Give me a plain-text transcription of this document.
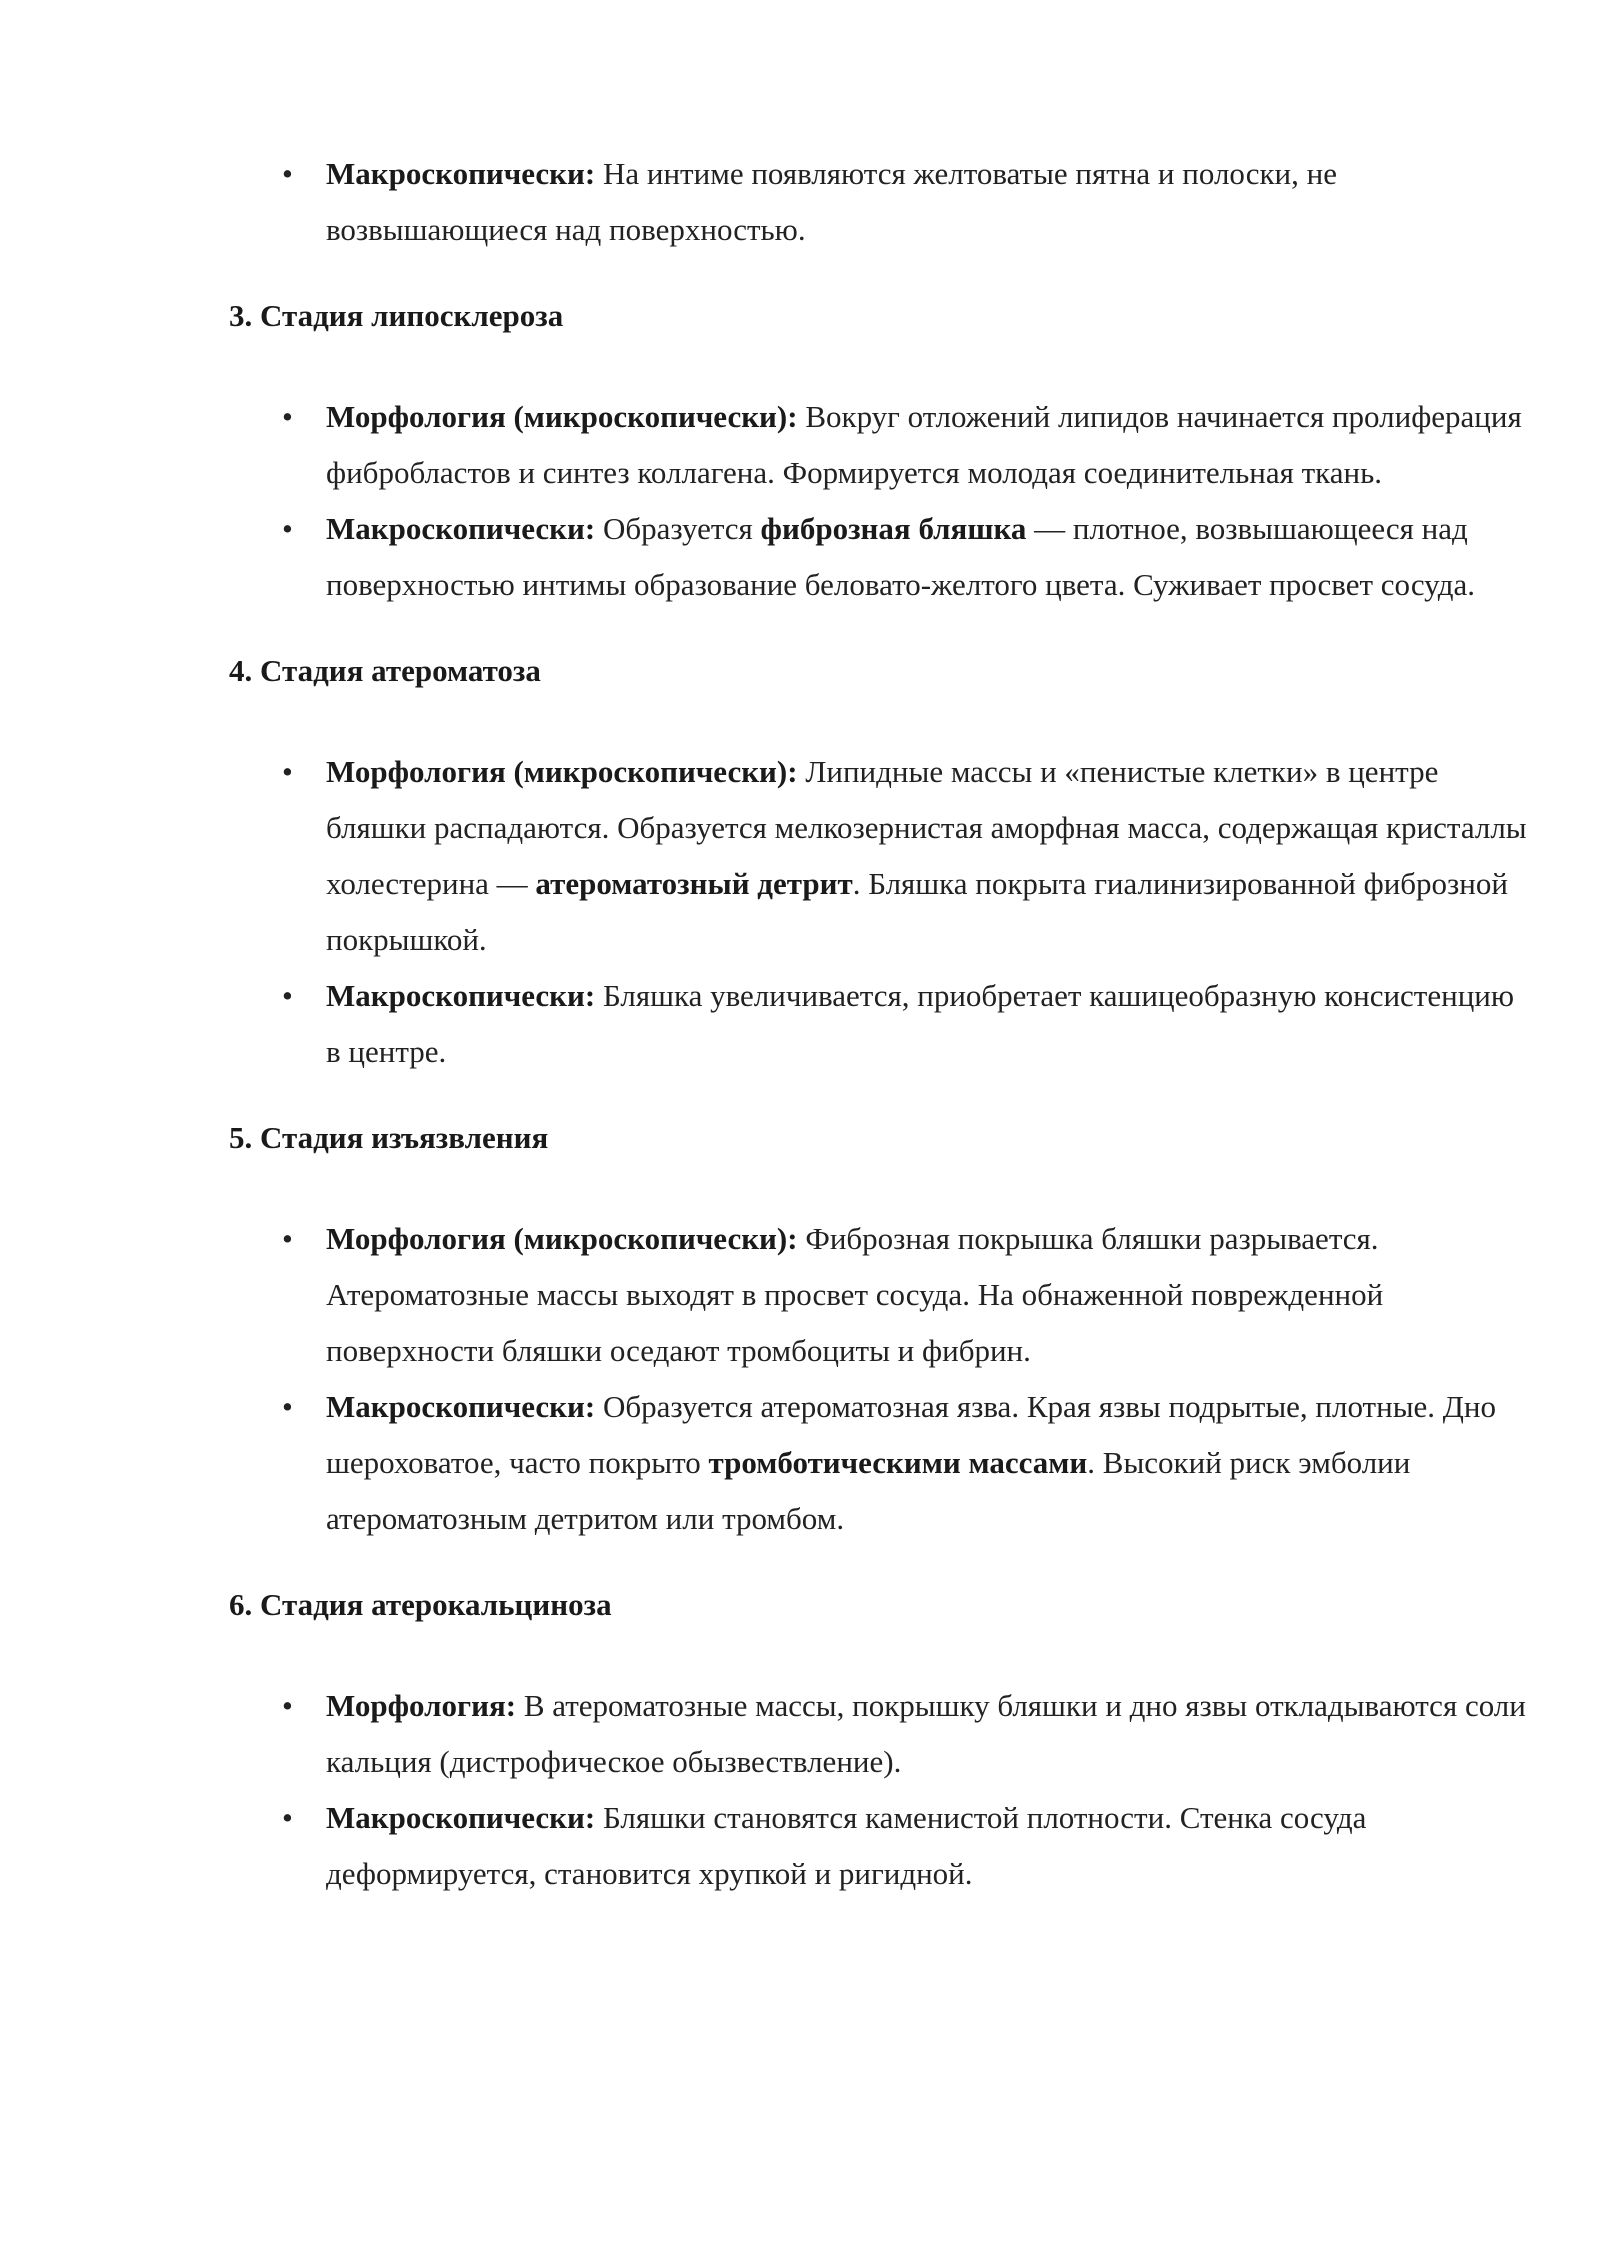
• Макроскопически: На интиме появляются желтоватые пятна и полоски, не возвышающиеся над поверхностью.
3. Стадия липосклероза
• Морфология (микроскопически): Вокруг отложений липидов начинается пролиферация фибробластов и синтез коллагена. Формируется молодая соединительная ткань.
• Макроскопически: Образуется фиброзная бляшка — плотное, возвышающееся над поверхностью интимы образование беловато-желтого цвета. Суживает просвет сосуда.
4. Стадия атероматоза
• Морфология (микроскопически): Липидные массы и «пенистые клетки» в центре бляшки распадаются. Образуется мелкозернистая аморфная масса, содержащая кристаллы холестерина — атероматозный детрит. Бляшка покрыта гиалинизированной фиброзной покрышкой.
• Макроскопически: Бляшка увеличивается, приобретает кашицеобразную консистенцию в центре.
5. Стадия изъязвления
• Морфология (микроскопически): Фиброзная покрышка бляшки разрывается. Атероматозные массы выходят в просвет сосуда. На обнаженной поврежденной поверхности бляшки оседают тромбоциты и фибрин.
• Макроскопически: Образуется атероматозная язва. Края язвы подрытые, плотные. Дно шероховатое, часто покрыто тромботическими массами. Высокий риск эмболии атероматозным детритом или тромбом.
6. Стадия атерокальциноза
• Морфология: В атероматозные массы, покрышку бляшки и дно язвы откладываются соли кальция (дистрофическое обызвествление).
• Макроскопически: Бляшки становятся каменистой плотности. Стенка сосуда деформируется, становится хрупкой и ригидной.
